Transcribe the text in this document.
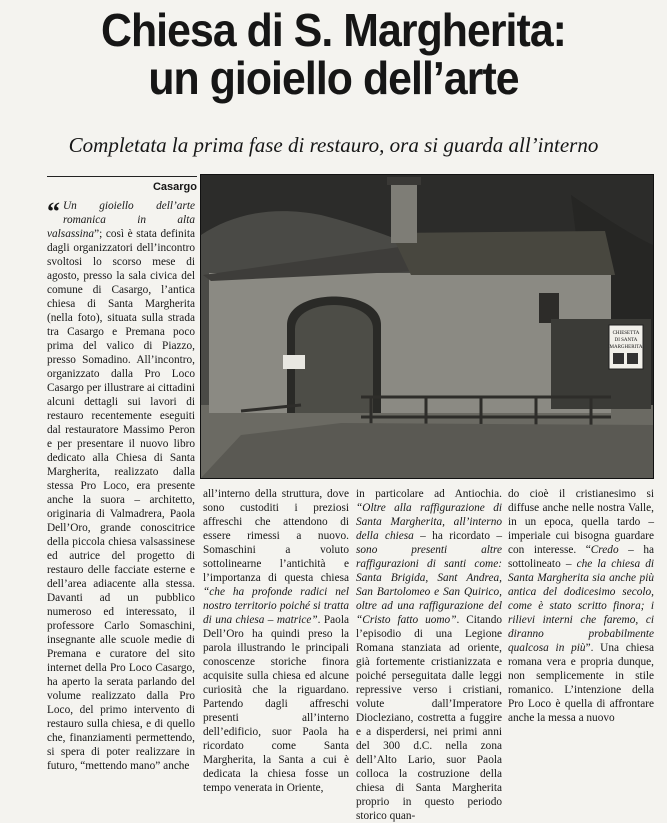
Chiesa di S. Margherita:
un gioiello dell’arte
Completata la prima fase di restauro, ora si guarda all’interno
Casargo

“ Un gioiello dell’arte romanica in alta valsassina”; così è stata definita dagli organizzatori dell’incontro svoltosi lo scorso mese di agosto, presso la sala civica del comune di Casargo, l’antica chiesa di Santa Margherita (nella foto), situata sulla strada tra Casargo e Premana poco prima del valico di Piazzo, presso Somadino. All’incontro, organizzato dalla Pro Loco Casargo per illustrare ai cittadini alcuni dettagli sui lavori di restauro recentemente eseguiti dal restauratore Massimo Peron e per presentare il nuovo libro dedicato alla Chiesa di Santa Margherita, realizzato dalla stessa Pro Loco, era presente anche la suora – architetto, originaria di Valmadrera, Paola Dell’Oro, grande conoscitrice della piccola chiesa valsassinese ed autrice del progetto di restauro delle facciate esterne e dell’area adiacente alla stessa. Davanti ad un pubblico numeroso ed interessato, il professore Carlo Somaschini, insegnante alle scuole medie di Premana e curatore del sito internet della Pro Loco Casargo, ha aperto la serata parlando del volume realizzato dalla Pro Loco, del primo intervento di restauro sulla chiesa, e di quello che, finanziamenti permettendo, si spera di poter realizzare in futuro, “mettendo mano” anche

CHIESETTA
DI SANTA
MARGHERITA

all’interno della struttura, dove sono custoditi i preziosi affreschi che attendono di essere rimessi a nuovo. Somaschini a voluto sottolinearne l’antichità e l’importanza di questa chiesa “che ha profonde radici nel nostro territorio poiché si tratta di una chiesa – matrice”. Paola Dell’Oro ha quindi preso la parola illustrando le principali conoscenze storiche finora acquisite sulla chiesa ed alcune curiosità che la riguardano. Partendo dagli affreschi presenti all’interno dell’edificio, suor Paola ha ricordato come Santa Margherita, la Santa a cui è dedicata la chiesa fosse un tempo venerata in Oriente,

in particolare ad Antiochia. “Oltre alla raffigurazione di Santa Margherita, all’interno della chiesa – ha ricordato – sono presenti altre raffigurazioni di santi come: Santa Brigida, Sant Andrea, San Bartolomeo e San Quirico, oltre ad una raffigurazione del “Cristo fatto uomo”. Citando l’episodio di una Legione Romana stanziata ad oriente, già fortemente cristianizzata e poiché perseguitata dalle leggi repressive verso i cristiani, volute dall’Imperatore Diocleziano, costretta a fuggire e a disperdersi, nei primi anni del 300 d.C. nella zona dell’Alto Lario, suor Paola colloca la costruzione della chiesa di Santa Margherita proprio in questo periodo storico quan-

do cioè il cristianesimo si diffuse anche nelle nostra Valle, in un epoca, quella tardo – imperiale cui bisogna guardare con interesse. “Credo – ha sottolineato – che la chiesa di Santa Margherita sia anche più antica del dodicesimo secolo, come è stato scritto finora; i rilievi interni che faremo, ci diranno probabilmente qualcosa in più”. Una chiesa romana vera e propria dunque, non semplicemente in stile romanico. L’intenzione della Pro Loco è quella di affrontare anche la messa a nuovo
